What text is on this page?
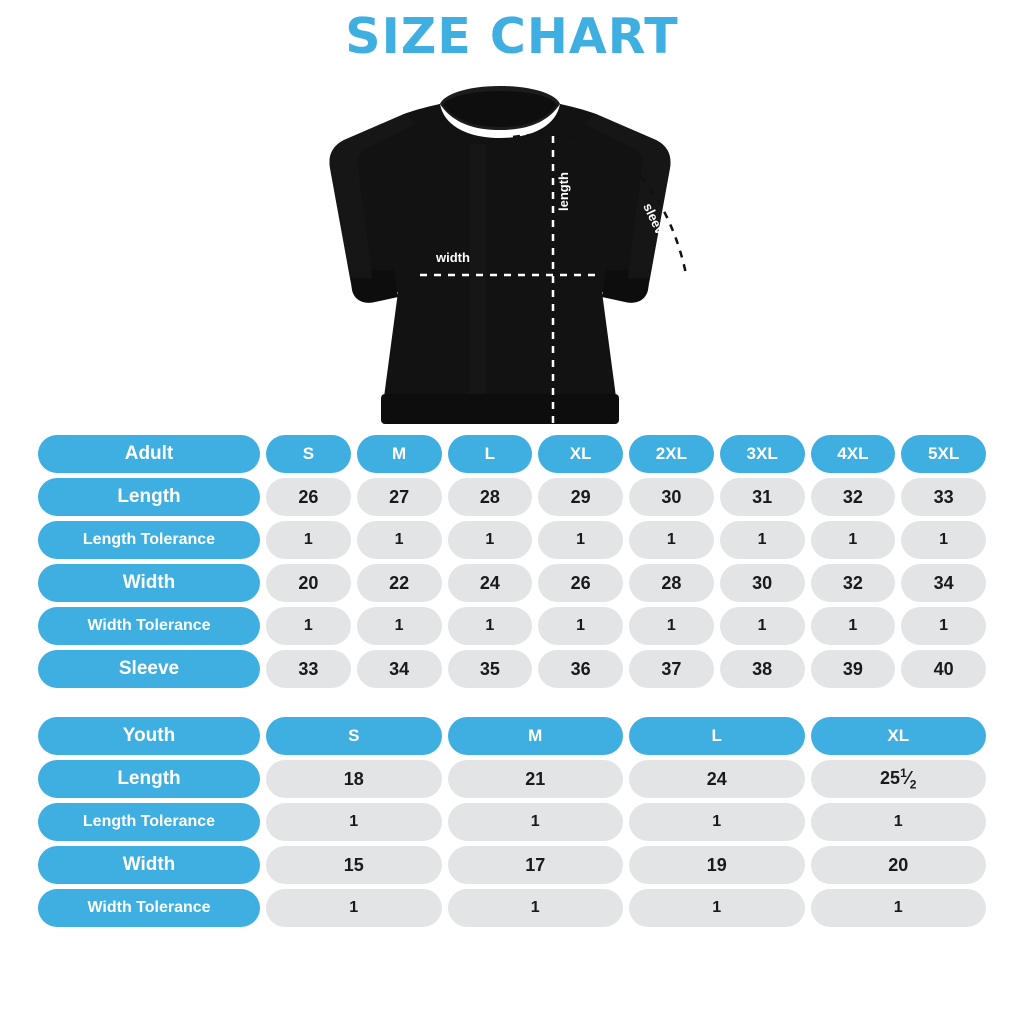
SIZE CHART
width
length
sleeve
Adult	S	M	L	XL	2XL	3XL	4XL	5XL
Length	26	27	28	29	30	31	32	33
Length Tolerance	1	1	1	1	1	1	1	1
Width	20	22	24	26	28	30	32	34
Width Tolerance	1	1	1	1	1	1	1	1
Sleeve	33	34	35	36	37	38	39	40
Youth	S	M	L	XL
Length	18	21	24	$25^1⁄_2$
Length Tolerance	1	1	1	1
Width	15	17	19	20
Width Tolerance	1	1	1	1
